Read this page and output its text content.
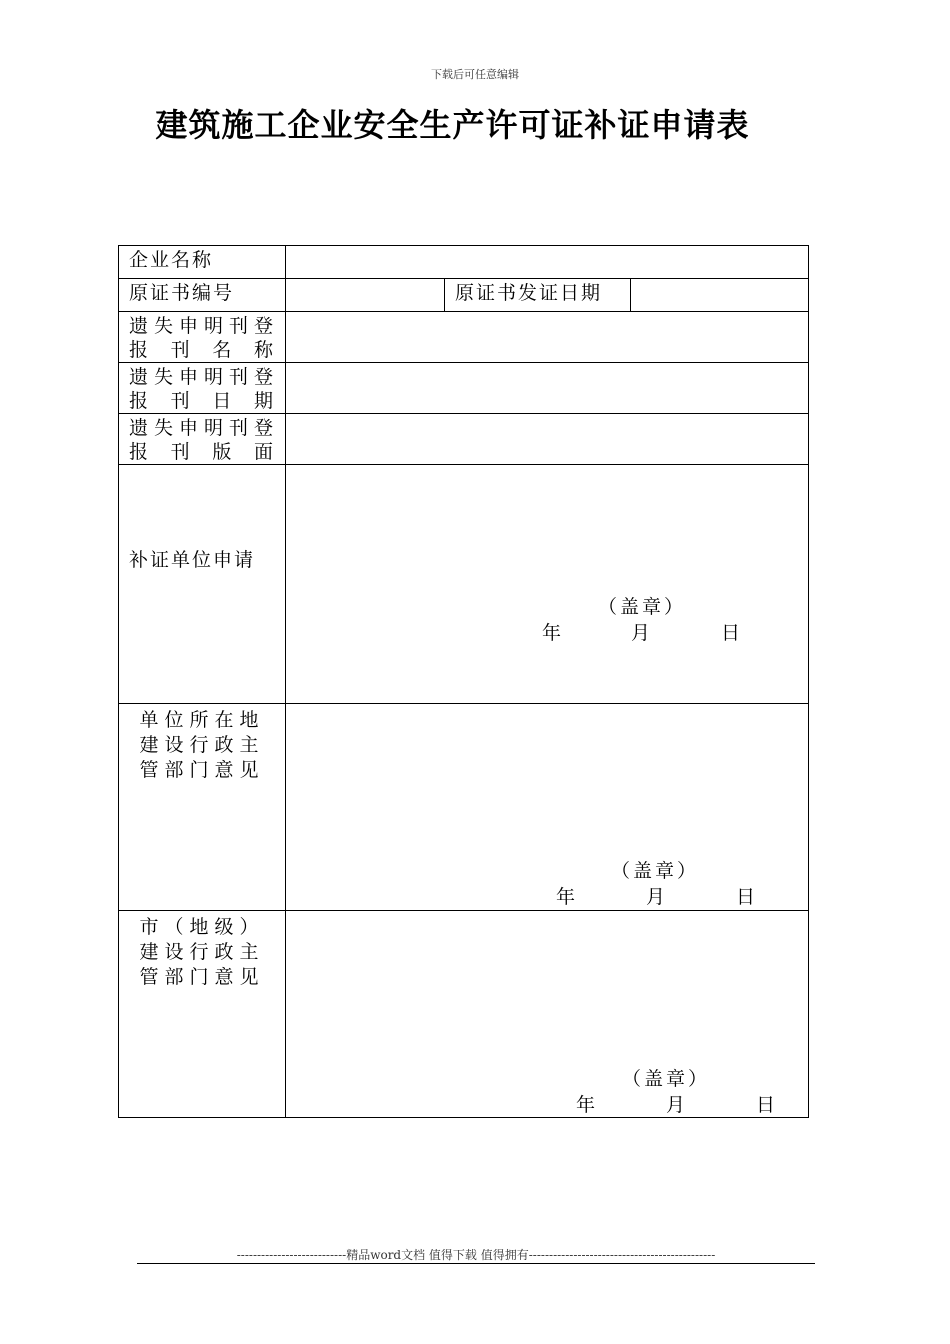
下载后可任意编辑
建筑施工企业安全生产许可证补证申请表
企业名称			
原证书编号		原证书发证日期	
遗失申明刊登报刊名称			
遗失申明刊登报刊日期			
遗失申明刊登报刊版面			
补证单位申请	（盖章）
年 月 日		

单位所在地建设行政主管部门意见	（盖章）
年 月 日		

市（地级）建设行政主管部门意见	（盖章）
年 月 日		
---------------------------精品word文档 值得下载 值得拥有----------------------------------------------
